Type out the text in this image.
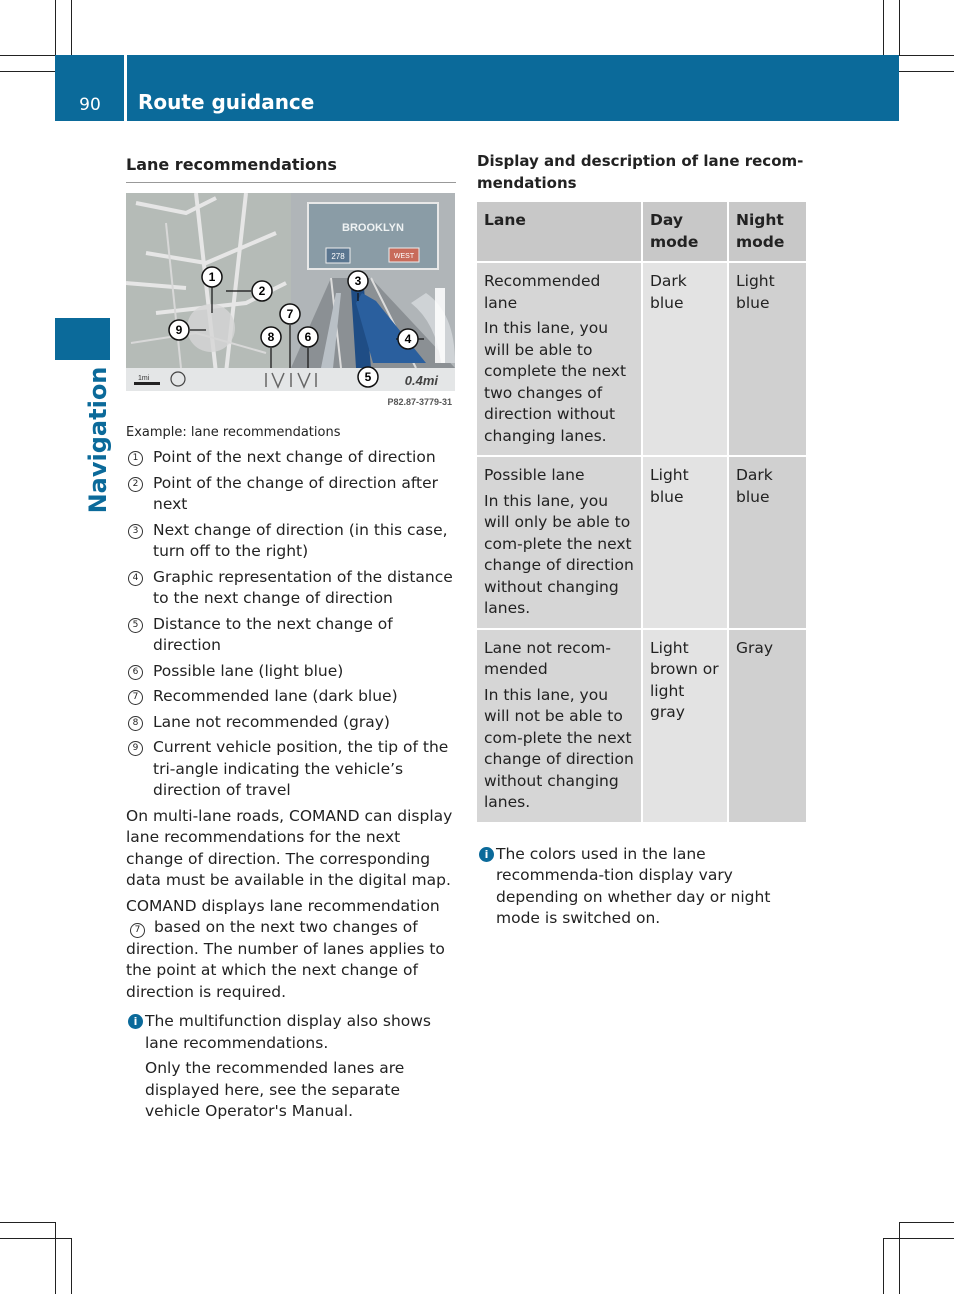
90	Route guidance
Navigation
Lane recommendations
BROOKLYN
278	WEST
1mi	0.4mi
1
2
3
4
5
6
7
8
9
P82.87-3779-31
Example: lane recommendations
1 Point of the next change of direction
2 Point of the change of direction after next
3 Next change of direction (in this case, turn off to the right)
4 Graphic representation of the distance to the next change of direction
5 Distance to the next change of direction
6 Possible lane (light blue)
7 Recommended lane (dark blue)
8 Lane not recommended (gray)
9 Current vehicle position, the tip of the tri-angle indicating the vehicle’s direction of travel
On multi-lane roads, COMAND can display lane recommendations for the next change of direction. The corresponding data must be available in the digital map.
COMAND displays lane recommendation 7 based on the next two changes of direction. The number of lanes applies to the point at which the next change of direction is required.
i The multifunction display also shows lane recommendations.
Only the recommended lanes are displayed here, see the separate vehicle Operator's Manual.
Display and description of lane recom-mendations
Lane	Day mode	Night mode

Recommended lane
In this lane, you will be able to complete the next two changes of direction without changing lanes.	Dark blue	Light blue

Possible lane
In this lane, you will only be able to com-plete the next change of direction without changing lanes.	Light blue	Dark blue

Lane not recom-mended
In this lane, you will not be able to com-plete the next change of direction without changing lanes.	Light brown or light gray	Gray
i The colors used in the lane recommenda-tion display vary depending on whether day or night mode is switched on.
